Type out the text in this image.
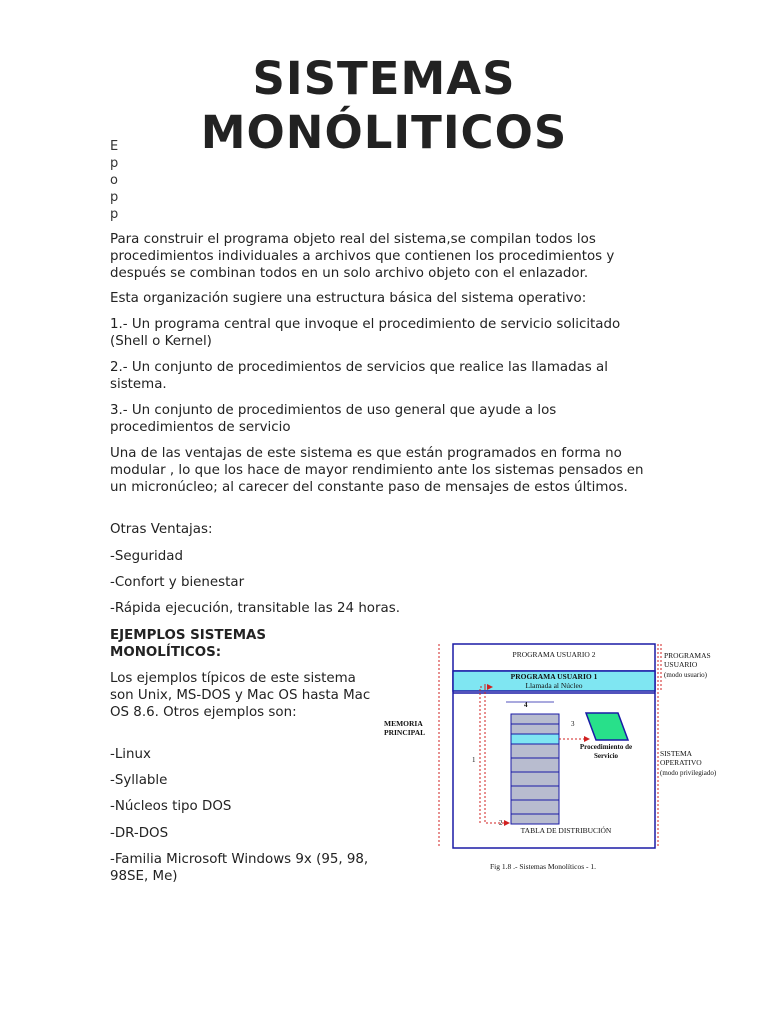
SISTEMAS
MONÓLITICOS
E
p
o
p
p

Para construir el programa objeto real del sistema,se compilan todos los procedimientos individuales a archivos que contienen los procedimientos y después se combinan todos en un solo archivo objeto con el enlazador.

Esta organización sugiere una estructura básica del sistema operativo:

1.- Un programa central que invoque el procedimiento de servicio solicitado (Shell o Kernel)

2.- Un conjunto de procedimientos de servicios que realice las llamadas al sistema.

3.- Un conjunto de procedimientos de uso general que ayude a los procedimientos de servicio

Una de las ventajas de este sistema es que están programados en forma no modular , lo que los hace de mayor rendimiento ante los sistemas pensados en un micronúcleo; al carecer del constante paso de mensajes de estos últimos.

Otras Ventajas:

-Seguridad

-Confort y bienestar

-Rápida ejecución, transitable las 24 horas.

EJEMPLOS SISTEMAS MONOLÍTICOS:

Los ejemplos típicos de este sistema son Unix, MS-DOS y Mac OS hasta Mac OS 8.6. Otros ejemplos son:

-Linux

-Syllable

-Núcleos tipo DOS

-DR-DOS

-Familia Microsoft Windows 9x (95, 98, 98SE, Me)

PROGRAMA USUARIO 2
PROGRAMA USUARIO 1
Llamada al Núcleo
4
1
2
3
Procedimiento de
Servicio
TABLA DE DISTRIBUCIÓN
PROGRAMAS
USUARIO
(modo usuario)
MEMORIA
PRINCIPAL
SISTEMA
OPERATIVO
(modo privilegiado)
Fig 1.8 .- Sistemas Monolíticos - 1.
